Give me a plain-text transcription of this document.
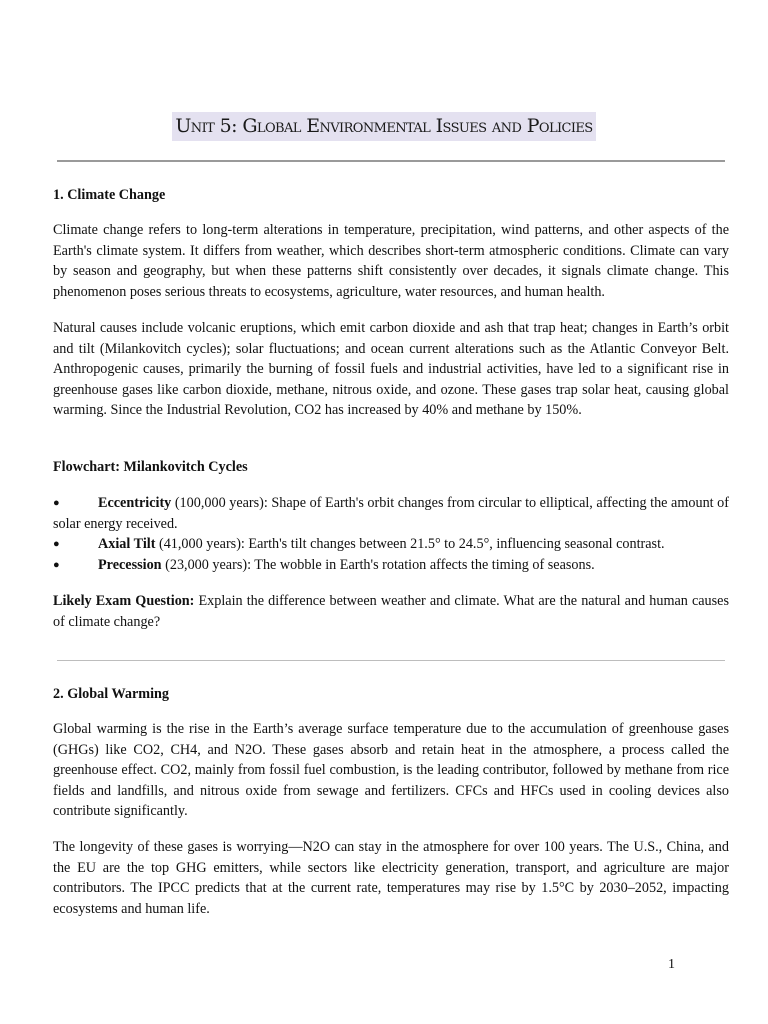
Unit 5: Global Environmental Issues and Policies
1. Climate Change
Climate change refers to long-term alterations in temperature, precipitation, wind patterns, and other aspects of the Earth's climate system. It differs from weather, which describes short-term atmospheric conditions. Climate can vary by season and geography, but when these patterns shift consistently over decades, it signals climate change. This phenomenon poses serious threats to ecosystems, agriculture, water resources, and human health.
Natural causes include volcanic eruptions, which emit carbon dioxide and ash that trap heat; changes in Earth’s orbit and tilt (Milankovitch cycles); solar fluctuations; and ocean current alterations such as the Atlantic Conveyor Belt. Anthropogenic causes, primarily the burning of fossil fuels and industrial activities, have led to a significant rise in greenhouse gases like carbon dioxide, methane, nitrous oxide, and ozone. These gases trap solar heat, causing global warming. Since the Industrial Revolution, CO2 has increased by 40% and methane by 150%.
Flowchart: Milankovitch Cycles
●	Eccentricity (100,000 years): Shape of Earth's orbit changes from circular to elliptical, affecting the amount of solar energy received.
●	Axial Tilt (41,000 years): Earth's tilt changes between 21.5° to 24.5°, influencing seasonal contrast.
●	Precession (23,000 years): The wobble in Earth's rotation affects the timing of seasons.
Likely Exam Question: Explain the difference between weather and climate. What are the natural and human causes of climate change?
2. Global Warming
Global warming is the rise in the Earth’s average surface temperature due to the accumulation of greenhouse gases (GHGs) like CO2, CH4, and N2O. These gases absorb and retain heat in the atmosphere, a process called the greenhouse effect. CO2, mainly from fossil fuel combustion, is the leading contributor, followed by methane from rice fields and landfills, and nitrous oxide from sewage and fertilizers. CFCs and HFCs used in cooling devices also contribute significantly.
The longevity of these gases is worrying—N2O can stay in the atmosphere for over 100 years. The U.S., China, and the EU are the top GHG emitters, while sectors like electricity generation, transport, and agriculture are major contributors. The IPCC predicts that at the current rate, temperatures may rise by 1.5°C by 2030–2052, impacting ecosystems and human life.
1
